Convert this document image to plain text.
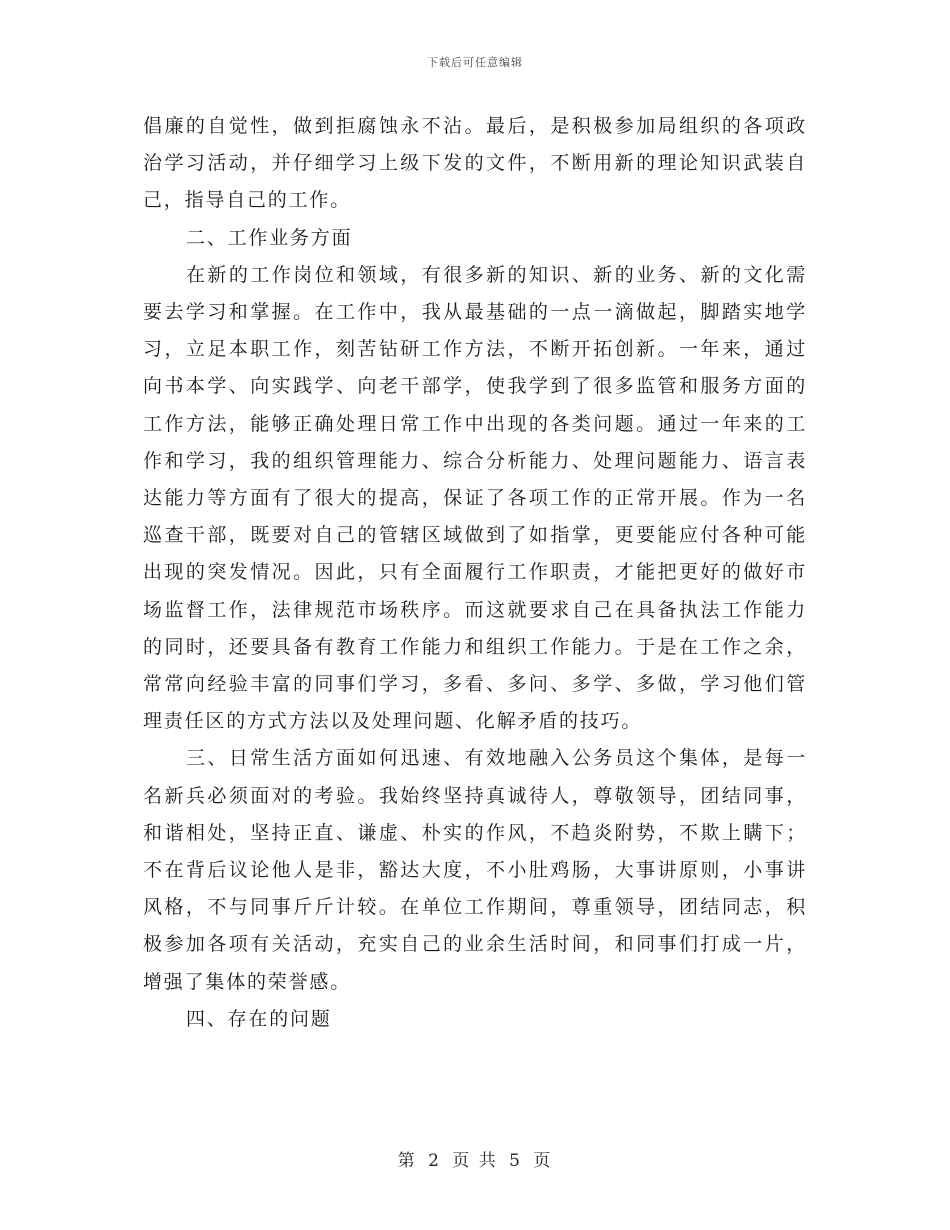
下载后可任意编辑

倡廉的自觉性，做到拒腐蚀永不沾。最后，是积极参加局组织的各项政治学习活动，并仔细学习上级下发的文件，不断用新的理论知识武装自己，指导自己的工作。

二、工作业务方面

在新的工作岗位和领域，有很多新的知识、新的业务、新的文化需要去学习和掌握。在工作中，我从最基础的一点一滴做起，脚踏实地学习，立足本职工作，刻苦钻研工作方法，不断开拓创新。一年来，通过向书本学、向实践学、向老干部学，使我学到了很多监管和服务方面的工作方法，能够正确处理日常工作中出现的各类问题。通过一年来的工作和学习，我的组织管理能力、综合分析能力、处理问题能力、语言表达能力等方面有了很大的提高，保证了各项工作的正常开展。作为一名巡查干部，既要对自己的管辖区域做到了如指掌，更要能应付各种可能出现的突发情况。因此，只有全面履行工作职责，才能把更好的做好市场监督工作，法律规范市场秩序。而这就要求自己在具备执法工作能力的同时，还要具备有教育工作能力和组织工作能力。于是在工作之余，常常向经验丰富的同事们学习，多看、多问、多学、多做，学习他们管理责任区的方式方法以及处理问题、化解矛盾的技巧。

三、日常生活方面如何迅速、有效地融入公务员这个集体，是每一名新兵必须面对的考验。我始终坚持真诚待人，尊敬领导，团结同事，和谐相处，坚持正直、谦虚、朴实的作风，不趋炎附势，不欺上瞒下；不在背后议论他人是非，豁达大度，不小肚鸡肠，大事讲原则，小事讲风格，不与同事斤斤计较。在单位工作期间，尊重领导，团结同志，积极参加各项有关活动，充实自己的业余生活时间，和同事们打成一片，增强了集体的荣誉感。

四、存在的问题

第 2 页 共 5 页
